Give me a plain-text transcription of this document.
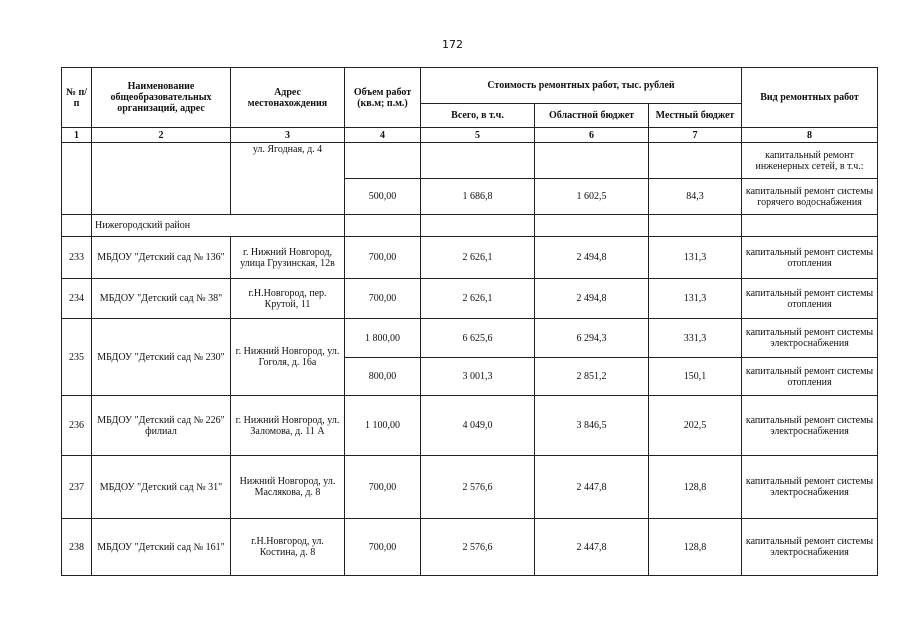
172
№ п/п	Наименование общеобразовательных организаций, адрес	Адрес местонахождения	Объем работ (кв.м; п.м.)	Стоимость ремонтных работ, тыс. рублей			Вид ремонтных работ
				Всего, в т.ч.	Областной бюджет	Местный бюджет	
1	2	3	4	5	6	7	8
		ул. Ягодная, д. 4					капитальный ремонт инженерных сетей, в т.ч.:
			500,00	1 686,8	1 602,5	84,3	капитальный ремонт системы горячего водоснабжения
	Нижегородский район						
233	МБДОУ "Детский сад № 136"	г. Нижний Новгород, улица Грузинская, 12в	700,00	2 626,1	2 494,8	131,3	капитальный ремонт системы отопления
234	МБДОУ "Детский сад № 38"	г.Н.Новгород, пер. Крутой, 11	700,00	2 626,1	2 494,8	131,3	капитальный ремонт системы отопления
235	МБДОУ "Детский сад № 230"	г. Нижний Новгород, ул. Гоголя, д. 16а	1 800,00	6 625,6	6 294,3	331,3	капитальный ремонт системы электроснабжения
			800,00	3 001,3	2 851,2	150,1	капитальный ремонт системы отопления
236	МБДОУ "Детский сад № 226" филиал	г. Нижний Новгород, ул. Заломова, д. 11 А	1 100,00	4 049,0	3 846,5	202,5	капитальный ремонт системы электроснабжения
237	МБДОУ "Детский сад № 31"	Нижний Новгород, ул. Маслякова, д. 8	700,00	2 576,6	2 447,8	128,8	капитальный ремонт системы электроснабжения
238	МБДОУ "Детский сад № 161"	г.Н.Новгород, ул. Костина, д. 8	700,00	2 576,6	2 447,8	128,8	капитальный ремонт системы электроснабжения
